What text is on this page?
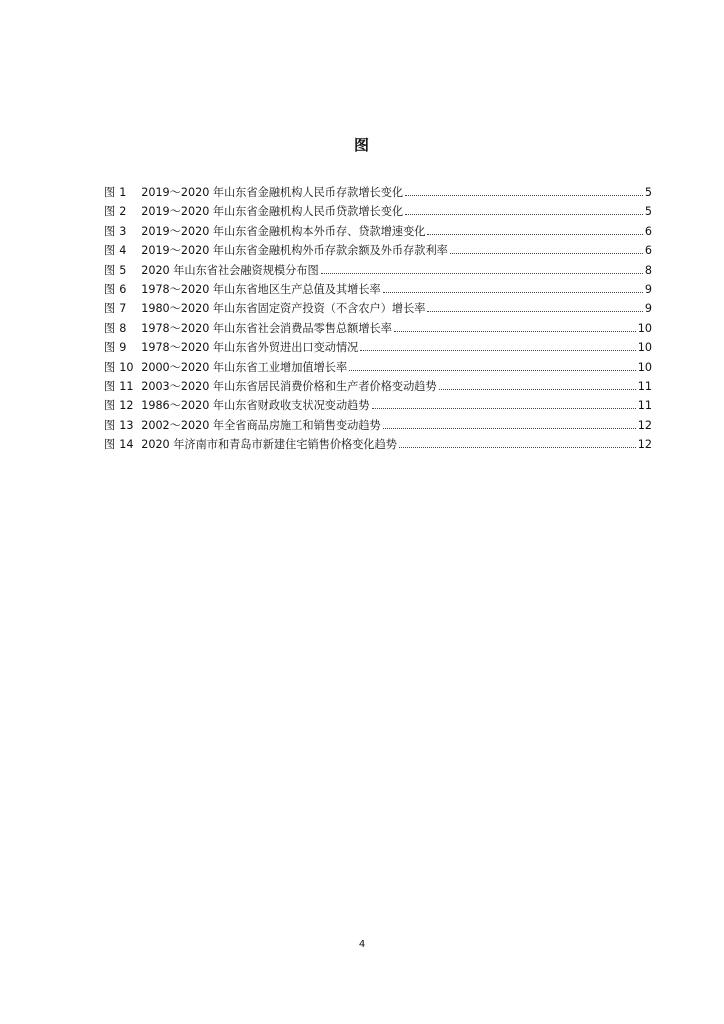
图
图 1	2019～2020 年山东省金融机构人民币存款增长变化	5
图 2	2019～2020 年山东省金融机构人民币贷款增长变化	5
图 3	2019～2020 年山东省金融机构本外币存、贷款增速变化	6
图 4	2019～2020 年山东省金融机构外币存款余额及外币存款利率	6
图 5	2020 年山东省社会融资规模分布图	8
图 6	1978～2020 年山东省地区生产总值及其增长率	9
图 7	1980～2020 年山东省固定资产投资（不含农户）增长率	9
图 8	1978～2020 年山东省社会消费品零售总额增长率	10
图 9	1978～2020 年山东省外贸进出口变动情况	10
图 10 2000～2020 年山东省工业增加值增长率	10
图 11 2003～2020 年山东省居民消费价格和生产者价格变动趋势	11
图 12 1986～2020 年山东省财政收支状况变动趋势	11
图 13 2002～2020 年全省商品房施工和销售变动趋势	12
图 14 2020 年济南市和青岛市新建住宅销售价格变化趋势	12
4
